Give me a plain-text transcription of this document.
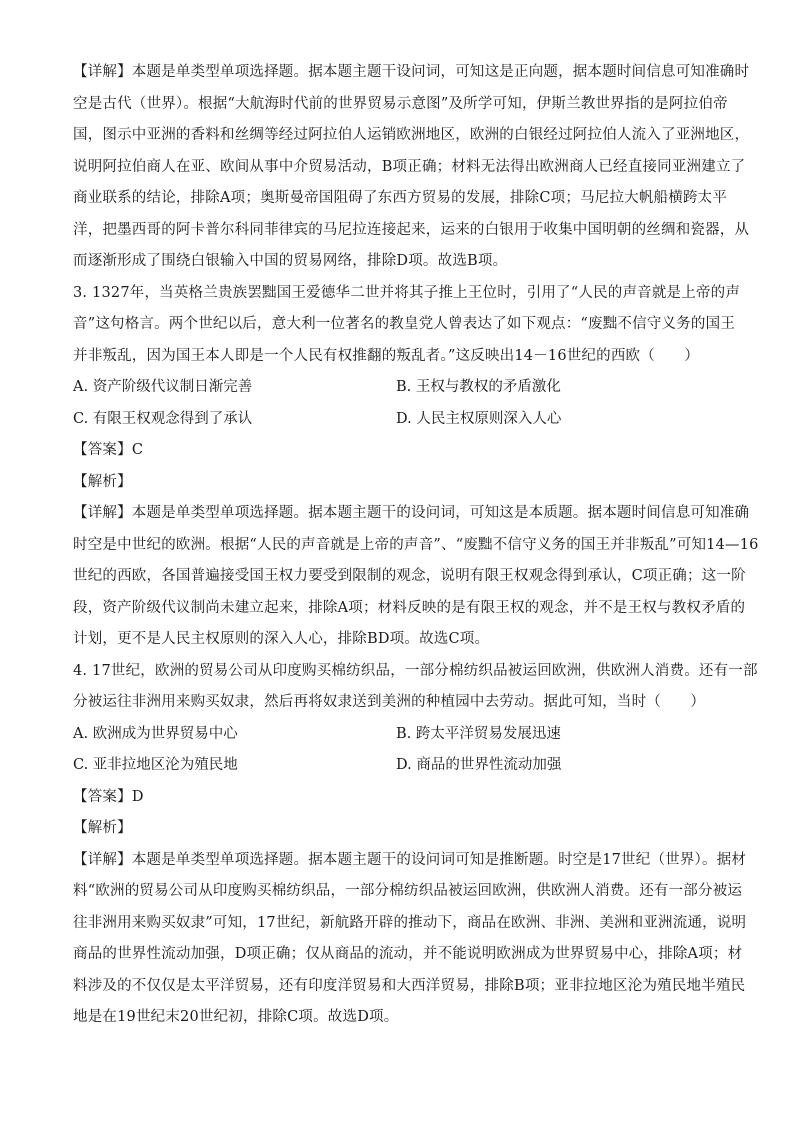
【详解】本题是单类型单项选择题。据本题主题干设问词，可知这是正向题，据本题时间信息可知准确时
空是古代（世界）。根据“大航海时代前的世界贸易示意图”及所学可知，伊斯兰教世界指的是阿拉伯帝
国，图示中亚洲的香料和丝绸等经过阿拉伯人运销欧洲地区，欧洲的白银经过阿拉伯人流入了亚洲地区，
说明阿拉伯商人在亚、欧间从事中介贸易活动，B项正确；材料无法得出欧洲商人已经直接同亚洲建立了
商业联系的结论，排除A项；奥斯曼帝国阻碍了东西方贸易的发展，排除C项；马尼拉大帆船横跨太平
洋，把墨西哥的阿卡普尔科同菲律宾的马尼拉连接起来，运来的白银用于收集中国明朝的丝绸和瓷器，从
而逐渐形成了围绕白银输入中国的贸易网络，排除D项。故选B项。
3. 1327年，当英格兰贵族罢黜国王爱德华二世并将其子推上王位时，引用了“人民的声音就是上帝的声
音”这句格言。两个世纪以后，意大利一位著名的教皇党人曾表达了如下观点：“废黜不信守义务的国王
并非叛乱，因为国王本人即是一个人民有权推翻的叛乱者。”这反映出14－16世纪的西欧（　　）
A. 资产阶级代议制日渐完善	B. 王权与教权的矛盾激化
C. 有限王权观念得到了承认	D. 人民主权原则深入人心
【答案】C
【解析】
【详解】本题是单类型单项选择题。据本题主题干的设问词，可知这是本质题。据本题时间信息可知准确
时空是中世纪的欧洲。根据“人民的声音就是上帝的声音”、“废黜不信守义务的国王并非叛乱”可知14—16
世纪的西欧，各国普遍接受国王权力要受到限制的观念，说明有限王权观念得到承认，C项正确；这一阶
段，资产阶级代议制尚未建立起来，排除A项；材料反映的是有限王权的观念，并不是王权与教权矛盾的
计划，更不是人民主权原则的深入人心，排除BD项。故选C项。
4. 17世纪，欧洲的贸易公司从印度购买棉纺织品，一部分棉纺织品被运回欧洲，供欧洲人消费。还有一部
分被运往非洲用来购买奴隶，然后再将奴隶送到美洲的种植园中去劳动。据此可知，当时（　　）
A. 欧洲成为世界贸易中心	B. 跨太平洋贸易发展迅速
C. 亚非拉地区沦为殖民地	D. 商品的世界性流动加强
【答案】D
【解析】
【详解】本题是单类型单项选择题。据本题主题干的设问词可知是推断题。时空是17世纪（世界）。据材
料“欧洲的贸易公司从印度购买棉纺织品，一部分棉纺织品被运回欧洲，供欧洲人消费。还有一部分被运
往非洲用来购买奴隶”可知，17世纪，新航路开辟的推动下，商品在欧洲、非洲、美洲和亚洲流通，说明
商品的世界性流动加强，D项正确；仅从商品的流动，并不能说明欧洲成为世界贸易中心，排除A项；材
料涉及的不仅仅是太平洋贸易，还有印度洋贸易和大西洋贸易，排除B项；亚非拉地区沦为殖民地半殖民
地是在19世纪末20世纪初，排除C项。故选D项。
